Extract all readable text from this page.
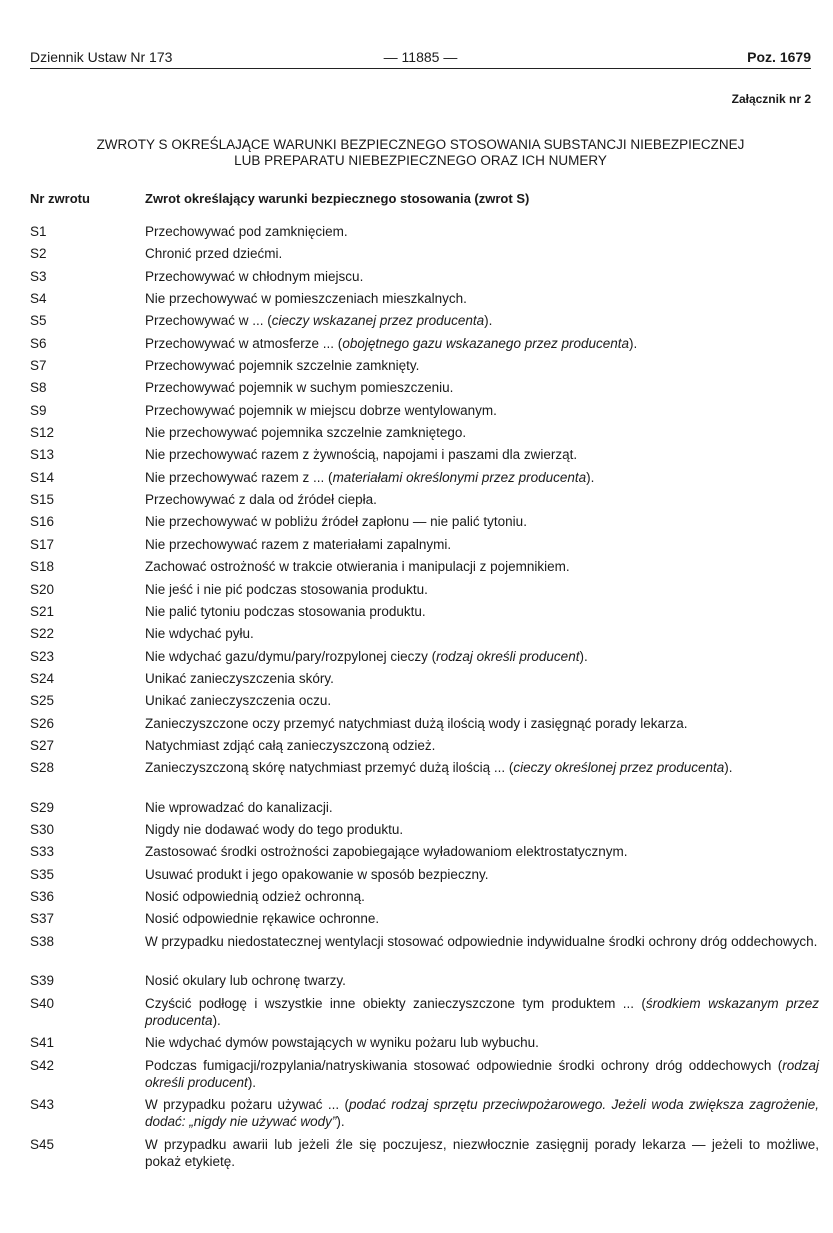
Dziennik Ustaw Nr 173	— 11885 —	Poz. 1679
Załącznik nr 2
ZWROTY S OKREŚLAJĄCE WARUNKI BEZPIECZNEGO STOSOWANIA SUBSTANCJI NIEBEZPIECZNEJ
LUB PREPARATU NIEBEZPIECZNEGO ORAZ ICH NUMERY
Nr zwrotu	Zwrot określający warunki bezpiecznego stosowania (zwrot S)
S1	Przechowywać pod zamknięciem.
S2	Chronić przed dziećmi.
S3	Przechowywać w chłodnym miejscu.
S4	Nie przechowywać w pomieszczeniach mieszkalnych.
S5	Przechowywać w ... (cieczy wskazanej przez producenta).
S6	Przechowywać w atmosferze ... (obojętnego gazu wskazanego przez producenta).
S7	Przechowywać pojemnik szczelnie zamknięty.
S8	Przechowywać pojemnik w suchym pomieszczeniu.
S9	Przechowywać pojemnik w miejscu dobrze wentylowanym.
S12	Nie przechowywać pojemnika szczelnie zamkniętego.
S13	Nie przechowywać razem z żywnością, napojami i paszami dla zwierząt.
S14	Nie przechowywać razem z ... (materiałami określonymi przez producenta).
S15	Przechowywać z dala od źródeł ciepła.
S16	Nie przechowywać w pobliżu źródeł zapłonu — nie palić tytoniu.
S17	Nie przechowywać razem z materiałami zapalnymi.
S18	Zachować ostrożność w trakcie otwierania i manipulacji z pojemnikiem.
S20	Nie jeść i nie pić podczas stosowania produktu.
S21	Nie palić tytoniu podczas stosowania produktu.
S22	Nie wdychać pyłu.
S23	Nie wdychać gazu/dymu/pary/rozpylonej cieczy (rodzaj określi producent).
S24	Unikać zanieczyszczenia skóry.
S25	Unikać zanieczyszczenia oczu.
S26	Zanieczyszczone oczy przemyć natychmiast dużą ilością wody i zasięgnąć porady lekarza.
S27	Natychmiast zdjąć całą zanieczyszczoną odzież.
S28	Zanieczyszczoną skórę natychmiast przemyć dużą ilością ... (cieczy określonej przez producenta).
S29	Nie wprowadzać do kanalizacji.
S30	Nigdy nie dodawać wody do tego produktu.
S33	Zastosować środki ostrożności zapobiegające wyładowaniom elektrostatycznym.
S35	Usuwać produkt i jego opakowanie w sposób bezpieczny.
S36	Nosić odpowiednią odzież ochronną.
S37	Nosić odpowiednie rękawice ochronne.
S38	W przypadku niedostatecznej wentylacji stosować odpowiednie indywidualne środki ochrony dróg oddechowych.
S39	Nosić okulary lub ochronę twarzy.
S40	Czyścić podłogę i wszystkie inne obiekty zanieczyszczone tym produktem ... (środkiem wskazanym przez producenta).
S41	Nie wdychać dymów powstających w wyniku pożaru lub wybuchu.
S42	Podczas fumigacji/rozpylania/natryskiwania stosować odpowiednie środki ochrony dróg oddechowych (rodzaj określi producent).
S43	W przypadku pożaru używać ... (podać rodzaj sprzętu przeciwpożarowego. Jeżeli woda zwiększa zagrożenie, dodać: „nigdy nie używać wody”).
S45	W przypadku awarii lub jeżeli źle się poczujesz, niezwłocznie zasięgnij porady lekarza — jeżeli to możliwe, pokaż etykietę.
